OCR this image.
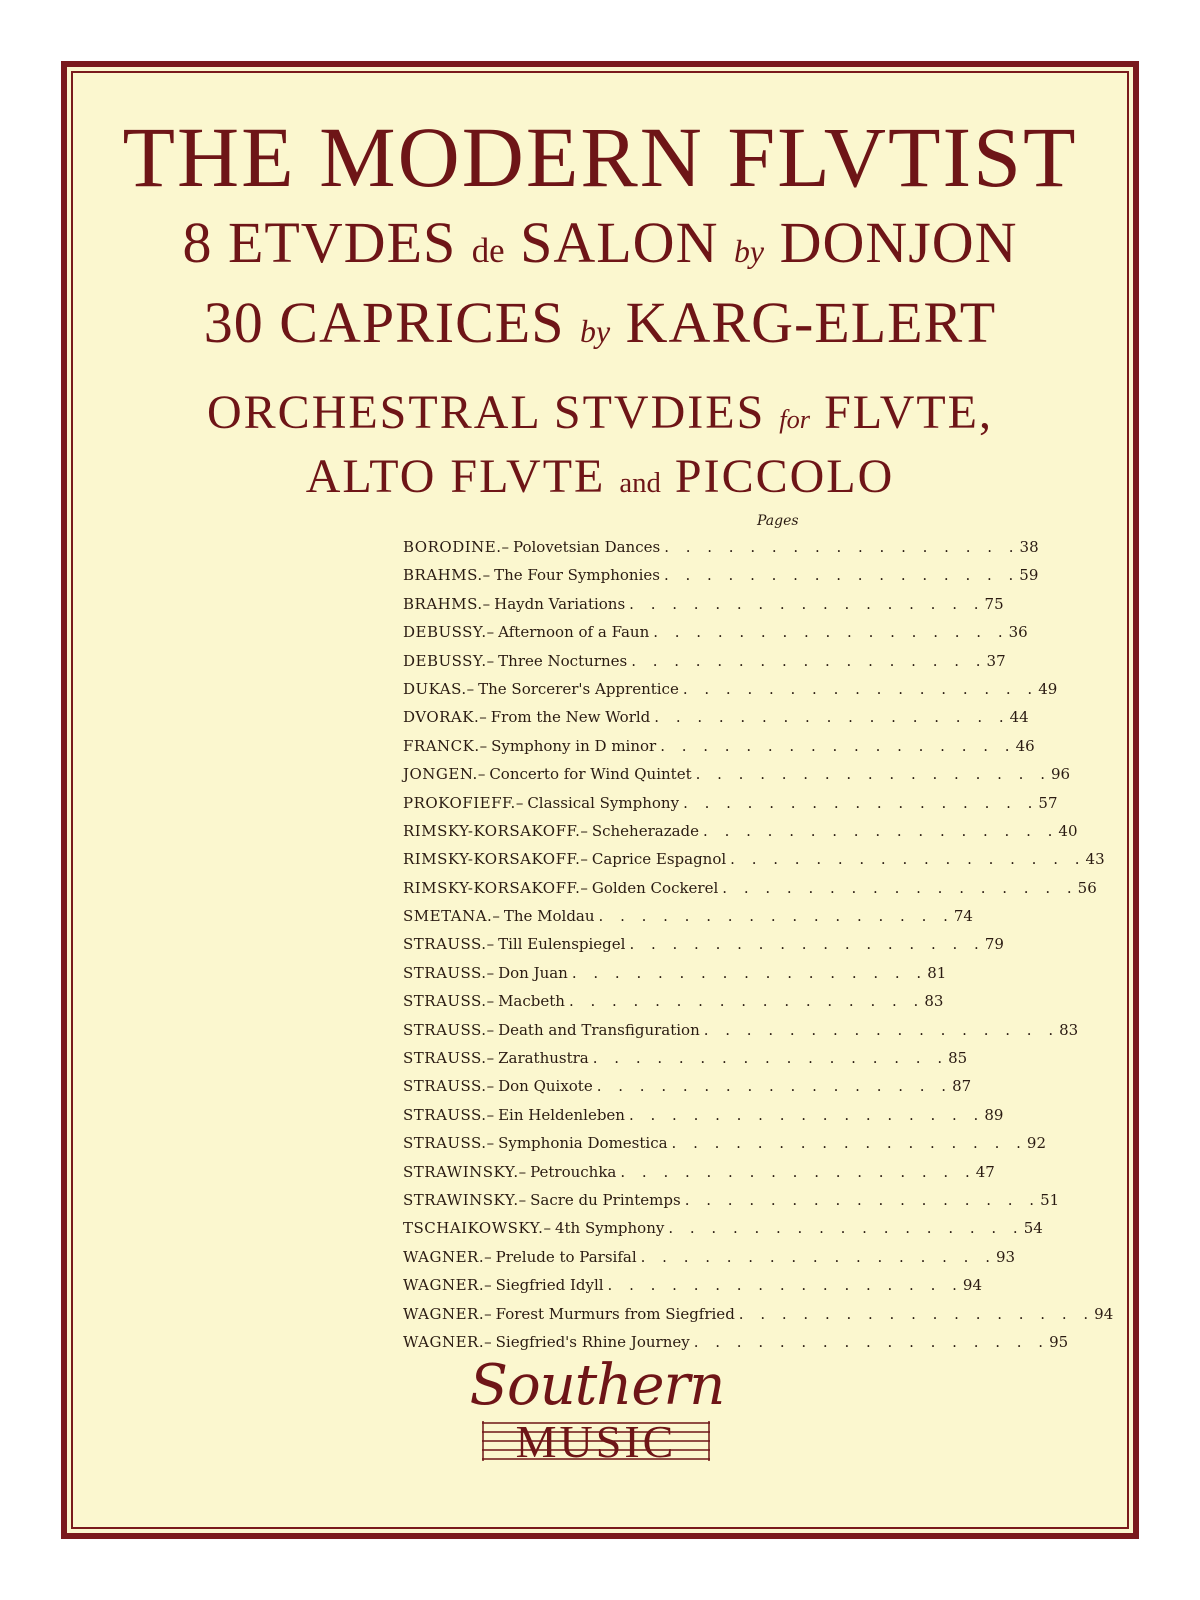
THE MODERN FLVTIST
8 ETVDES de SALON by DONJON
30 CAPRICES by KARG-ELERT
ORCHESTRAL STVDIES for FLVTE,
ALTO FLVTE and PICCOLO
Pages
BORODINE. – Polovetsian Dances . . . . . . . . . . . . . . . . . 38
BRAHMS. – The Four Symphonies . . . . . . . . . . . . . . . . . 59
BRAHMS. – Haydn Variations . . . . . . . . . . . . . . . . . 75
DEBUSSY. – Afternoon of a Faun . . . . . . . . . . . . . . . . . 36
DEBUSSY. – Three Nocturnes . . . . . . . . . . . . . . . . . 37
DUKAS. – The Sorcerer's Apprentice . . . . . . . . . . . . . . . . . 49
DVORAK. – From the New World . . . . . . . . . . . . . . . . . 44
FRANCK. – Symphony in D minor . . . . . . . . . . . . . . . . . 46
JONGEN. – Concerto for Wind Quintet . . . . . . . . . . . . . . . . . 96
PROKOFIEFF. – Classical Symphony . . . . . . . . . . . . . . . . . 57
RIMSKY-KORSAKOFF. – Scheherazade . . . . . . . . . . . . . . . . . 40
RIMSKY-KORSAKOFF. – Caprice Espagnol . . . . . . . . . . . . . . . . . 43
RIMSKY-KORSAKOFF. – Golden Cockerel . . . . . . . . . . . . . . . . . 56
SMETANA. – The Moldau . . . . . . . . . . . . . . . . . 74
STRAUSS. – Till Eulenspiegel . . . . . . . . . . . . . . . . . 79
STRAUSS. – Don Juan . . . . . . . . . . . . . . . . . 81
STRAUSS. – Macbeth . . . . . . . . . . . . . . . . . 83
STRAUSS. – Death and Transfiguration . . . . . . . . . . . . . . . . . 83
STRAUSS. – Zarathustra . . . . . . . . . . . . . . . . . 85
STRAUSS. – Don Quixote . . . . . . . . . . . . . . . . . 87
STRAUSS. – Ein Heldenleben . . . . . . . . . . . . . . . . . 89
STRAUSS. – Symphonia Domestica . . . . . . . . . . . . . . . . . 92
STRAWINSKY. – Petrouchka . . . . . . . . . . . . . . . . . 47
STRAWINSKY. – Sacre du Printemps . . . . . . . . . . . . . . . . . 51
TSCHAIKOWSKY. – 4th Symphony . . . . . . . . . . . . . . . . . 54
WAGNER. – Prelude to Parsifal . . . . . . . . . . . . . . . . . 93
WAGNER. – Siegfried Idyll . . . . . . . . . . . . . . . . . 94
WAGNER. – Forest Murmurs from Siegfried . . . . . . . . . . . . . . . . . 94
WAGNER. – Siegfried's Rhine Journey . . . . . . . . . . . . . . . . . 95
Southern
MUSIC
